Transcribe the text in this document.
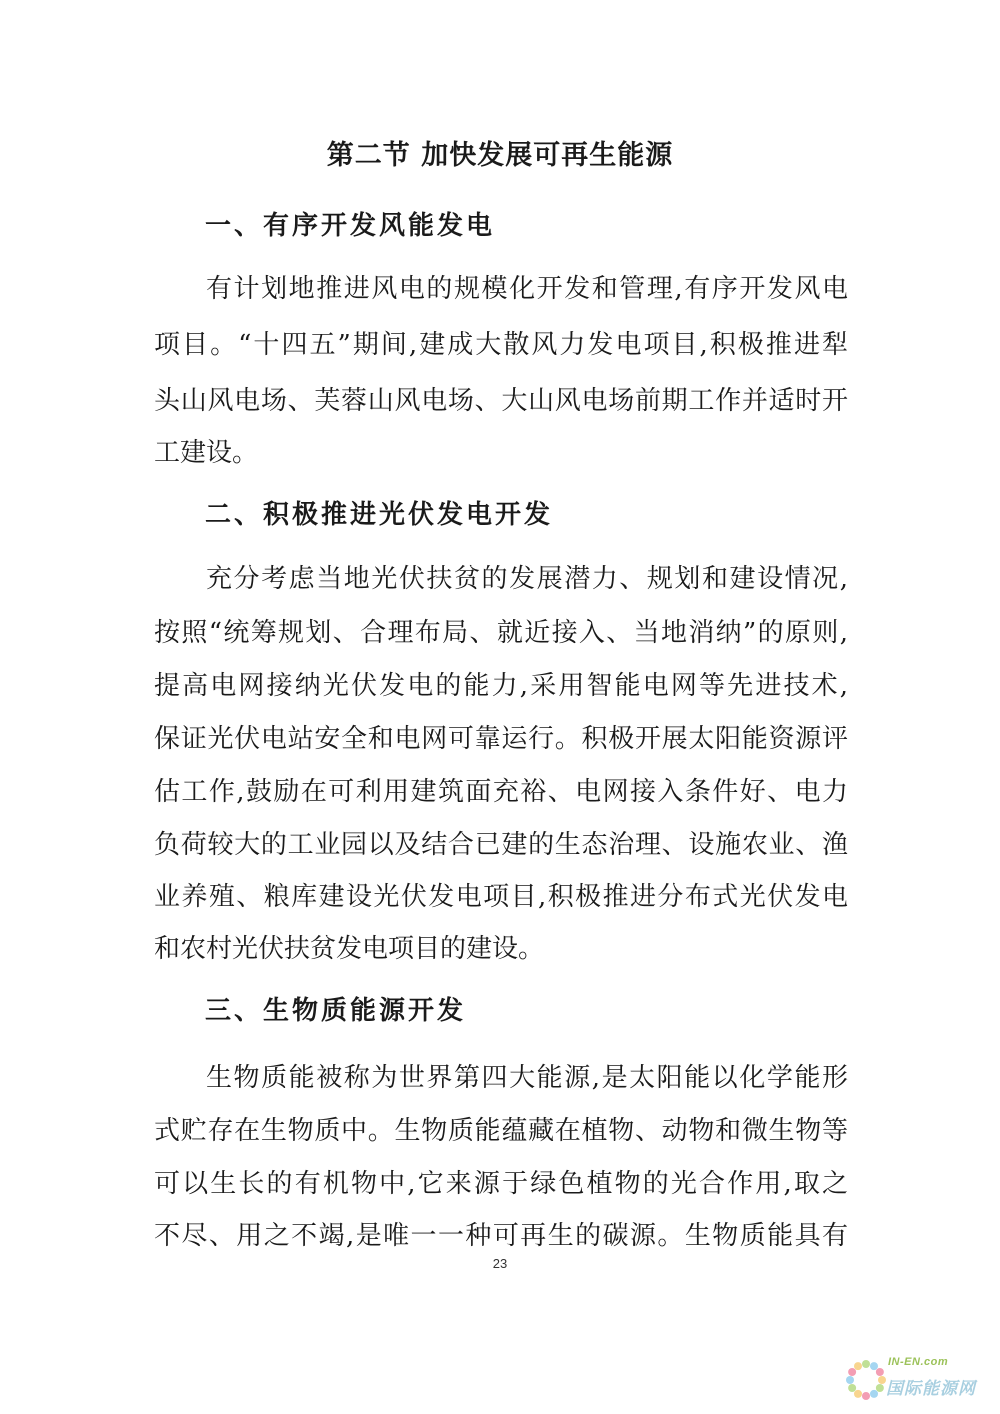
第二节 加快发展可再生能源
一、有序开发风能发电
有计划地推进风电的规模化开发和管理,有序开发风电
项目。“十四五”期间,建成大散风力发电项目,积极推进犁
头山风电场、芙蓉山风电场、大山风电场前期工作并适时开
工建设。
二、积极推进光伏发电开发
充分考虑当地光伏扶贫的发展潜力、规划和建设情况,
按照“统筹规划、合理布局、就近接入、当地消纳”的原则,
提高电网接纳光伏发电的能力,采用智能电网等先进技术,
保证光伏电站安全和电网可靠运行。积极开展太阳能资源评
估工作,鼓励在可利用建筑面充裕、电网接入条件好、电力
负荷较大的工业园以及结合已建的生态治理、设施农业、渔
业养殖、粮库建设光伏发电项目,积极推进分布式光伏发电
和农村光伏扶贫发电项目的建设。
三、生物质能源开发
生物质能被称为世界第四大能源,是太阳能以化学能形
式贮存在生物质中。生物质能蕴藏在植物、动物和微生物等
可以生长的有机物中,它来源于绿色植物的光合作用,取之
不尽、用之不竭,是唯一一种可再生的碳源。生物质能具有
23
IN-EN.com
国际能源网
